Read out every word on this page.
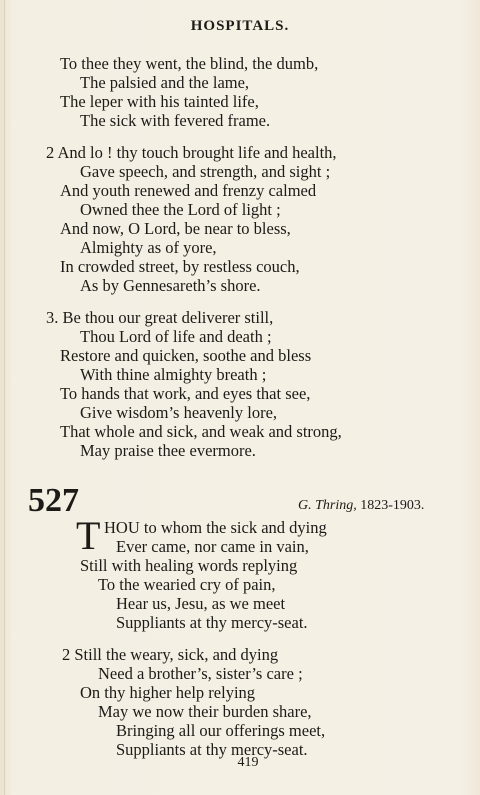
HOSPITALS.
To thee they went, the blind, the dumb,
The palsied and the lame,
The leper with his tainted life,
The sick with fevered frame.
2 And lo ! thy touch brought life and health,
Gave speech, and strength, and sight ;
And youth renewed and frenzy calmed
Owned thee the Lord of light ;
And now, O Lord, be near to bless,
Almighty as of yore,
In crowded street, by restless couch,
As by Gennesareth’s shore.
3. Be thou our great deliverer still,
Thou Lord of life and death ;
Restore and quicken, soothe and bless
With thine almighty breath ;
To hands that work, and eyes that see,
Give wisdom’s heavenly lore,
That whole and sick, and weak and strong,
May praise thee evermore.
527	G. Thring, 1823-1903.
T HOU to whom the sick and dying
Ever came, nor came in vain,
Still with healing words replying
To the wearied cry of pain,
Hear us, Jesu, as we meet
Suppliants at thy mercy-seat.
2 Still the weary, sick, and dying
Need a brother’s, sister’s care ;
On thy higher help relying
May we now their burden share,
Bringing all our offerings meet,
Suppliants at thy mercy-seat.
419
